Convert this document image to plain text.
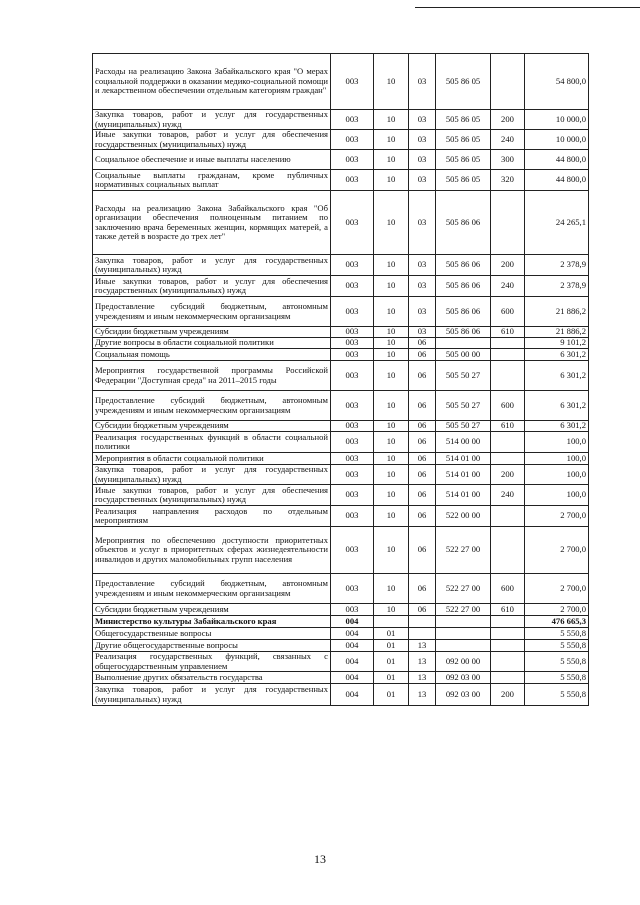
Расходы на реализацию Закона Забайкальского края "О мерах социальной поддержки в оказании медико-социальной помощи и лекарственном обеспечении отдельным категориям граждан"	003	10	03	505 86 05		54 800,0
Закупка товаров, работ и услуг для государственных (муниципальных) нужд	003	10	03	505 86 05	200	10 000,0
Иные закупки товаров, работ и услуг для обеспечения государственных (муниципальных) нужд	003	10	03	505 86 05	240	10 000,0
Социальное обеспечение и иные выплаты населению	003	10	03	505 86 05	300	44 800,0
Социальные выплаты гражданам, кроме публичных нормативных социальных выплат	003	10	03	505 86 05	320	44 800,0
Расходы на реализацию Закона Забайкальского края "Об организации обеспечения полноценным питанием по заключению врача беременных женщин, кормящих матерей, а также детей в возрасте до трех лет"	003	10	03	505 86 06		24 265,1
Закупка товаров, работ и услуг для государственных (муниципальных) нужд	003	10	03	505 86 06	200	2 378,9
Иные закупки товаров, работ и услуг для обеспечения государственных (муниципальных) нужд	003	10	03	505 86 06	240	2 378,9
Предоставление субсидий бюджетным, автономным учреждениям и иным некоммерческим организациям	003	10	03	505 86 06	600	21 886,2
Субсидии бюджетным учреждениям	003	10	03	505 86 06	610	21 886,2
Другие вопросы в области социальной политики	003	10	06			9 101,2
Социальная помощь	003	10	06	505 00 00		6 301,2
Мероприятия государственной программы Российской Федерации "Доступная среда" на 2011–2015 годы	003	10	06	505 50 27		6 301,2
Предоставление субсидий бюджетным, автономным учреждениям и иным некоммерческим организациям	003	10	06	505 50 27	600	6 301,2
Субсидии бюджетным учреждениям	003	10	06	505 50 27	610	6 301,2
Реализация государственных функций в области социальной политики	003	10	06	514 00 00		100,0
Мероприятия в области социальной политики	003	10	06	514 01 00		100,0
Закупка товаров, работ и услуг для государственных (муниципальных) нужд	003	10	06	514 01 00	200	100,0
Иные закупки товаров, работ и услуг для обеспечения государственных (муниципальных) нужд	003	10	06	514 01 00	240	100,0
Реализация направления расходов по отдельным мероприятиям	003	10	06	522 00 00		2 700,0
Мероприятия по обеспечению доступности приоритетных объектов и услуг в приоритетных сферах жизнедеятельности инвалидов и других маломобильных групп населения	003	10	06	522 27 00		2 700,0
Предоставление субсидий бюджетным, автономным учреждениям и иным некоммерческим организациям	003	10	06	522 27 00	600	2 700,0
Субсидии бюджетным учреждениям	003	10	06	522 27 00	610	2 700,0
Министерство культуры Забайкальского края	004					476 665,3
Общегосударственные вопросы	004	01				5 550,8
Другие общегосударственные вопросы	004	01	13			5 550,8
Реализация государственных функций, связанных с общегосударственным управлением	004	01	13	092 00 00		5 550,8
Выполнение других обязательств государства	004	01	13	092 03 00		5 550,8
Закупка товаров, работ и услуг для государственных (муниципальных) нужд	004	01	13	092 03 00	200	5 550,8
13
